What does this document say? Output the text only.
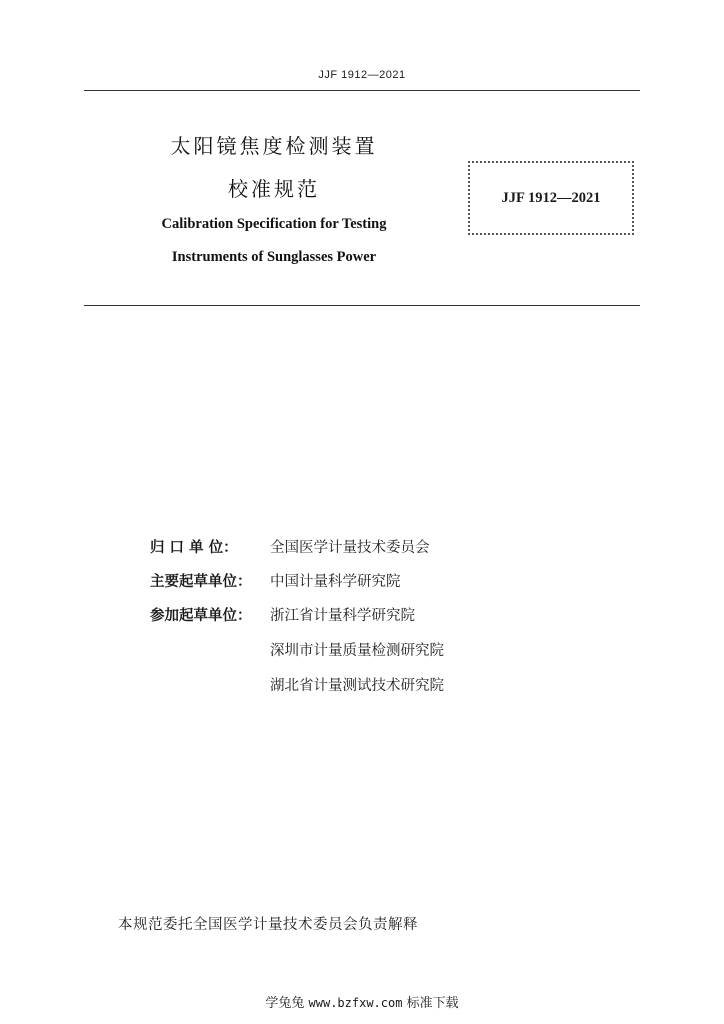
JJF 1912—2021
太阳镜焦度检测装置
校准规范
Calibration Specification for Testing
Instruments of Sunglasses Power
JJF 1912—2021
归 口 单 位： 全国医学计量技术委员会
主要起草单位： 中国计量科学研究院
参加起草单位： 浙江省计量科学研究院
深圳市计量质量检测研究院
湖北省计量测试技术研究院
本规范委托全国医学计量技术委员会负责解释
学兔兔 www.bzfxw.com 标准下载
